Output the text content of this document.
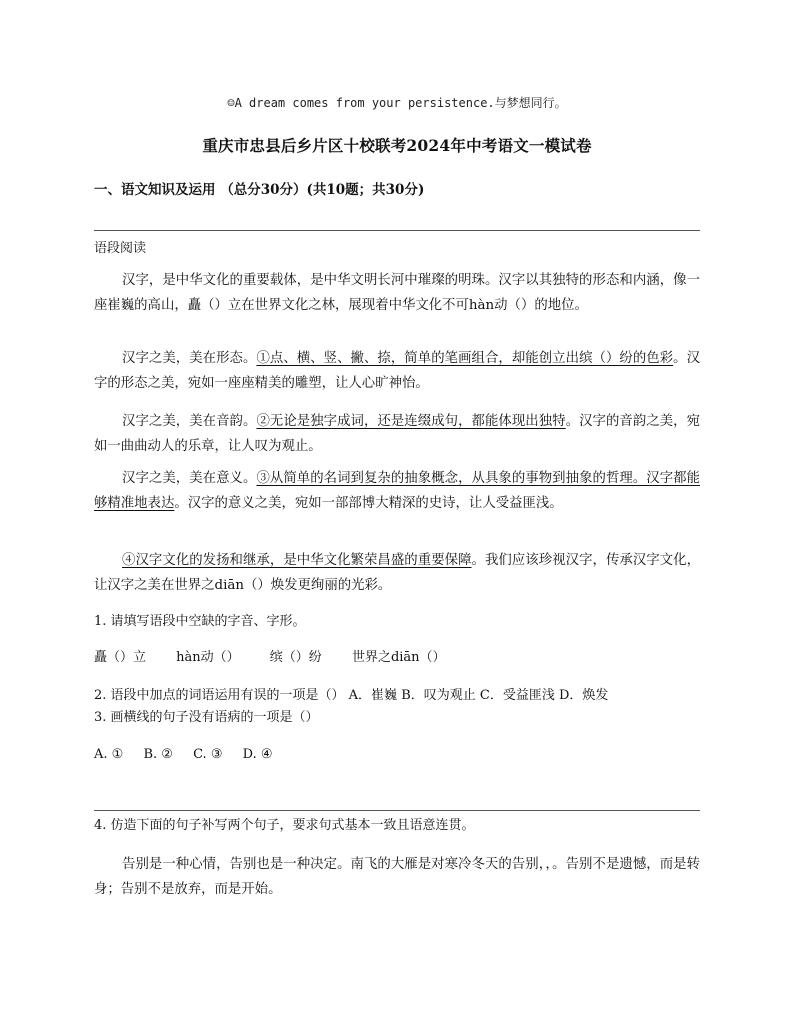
☺A dream comes from your persistence.与梦想同行。
重庆市忠县后乡片区十校联考2024年中考语文一模试卷
一、语文知识及运用 （总分30分）(共10题；共30分)
语段阅读
汉字，是中华文化的重要载体，是中华文明长河中璀璨的明珠。汉字以其独特的形态和内涵，像一座崔巍的高山，矗（）立在世界文化之林，展现着中华文化不可hàn动（）的地位。
汉字之美，美在形态。①点、横、竖、撇、捺，简单的笔画组合，却能创立出缤（）纷的色彩。汉字的形态之美，宛如一座座精美的雕塑，让人心旷神怡。
汉字之美，美在音韵。②无论是独字成词，还是连缀成句，都能体现出独特。汉字的音韵之美，宛如一曲曲动人的乐章，让人叹为观止。
汉字之美，美在意义。③从简单的名词到复杂的抽象概念，从具象的事物到抽象的哲理。汉字都能够精准地表达。汉字的意义之美，宛如一部部博大精深的史诗，让人受益匪浅。
④汉字文化的发扬和继承，是中华文化繁荣昌盛的重要保障。我们应该珍视汉字，传承汉字文化，让汉字之美在世界之diān（）焕发更绚丽的光彩。
1. 请填写语段中空缺的字音、字形。
矗（）立 hàn动（） 缤（）纷 世界之diān（）
2. 语段中加点的词语运用有误的一项是（） A．崔巍 B．叹为观止 C．受益匪浅 D．焕发
3. 画横线的句子没有语病的一项是（）
A. ① B. ② C. ③ D. ④
4. 仿造下面的句子补写两个句子，要求句式基本一致且语意连贯。
告别是一种心情，告别也是一种决定。南飞的大雁是对寒冷冬天的告别，，。告别不是遗憾，而是转身；告别不是放弃，而是开始。
